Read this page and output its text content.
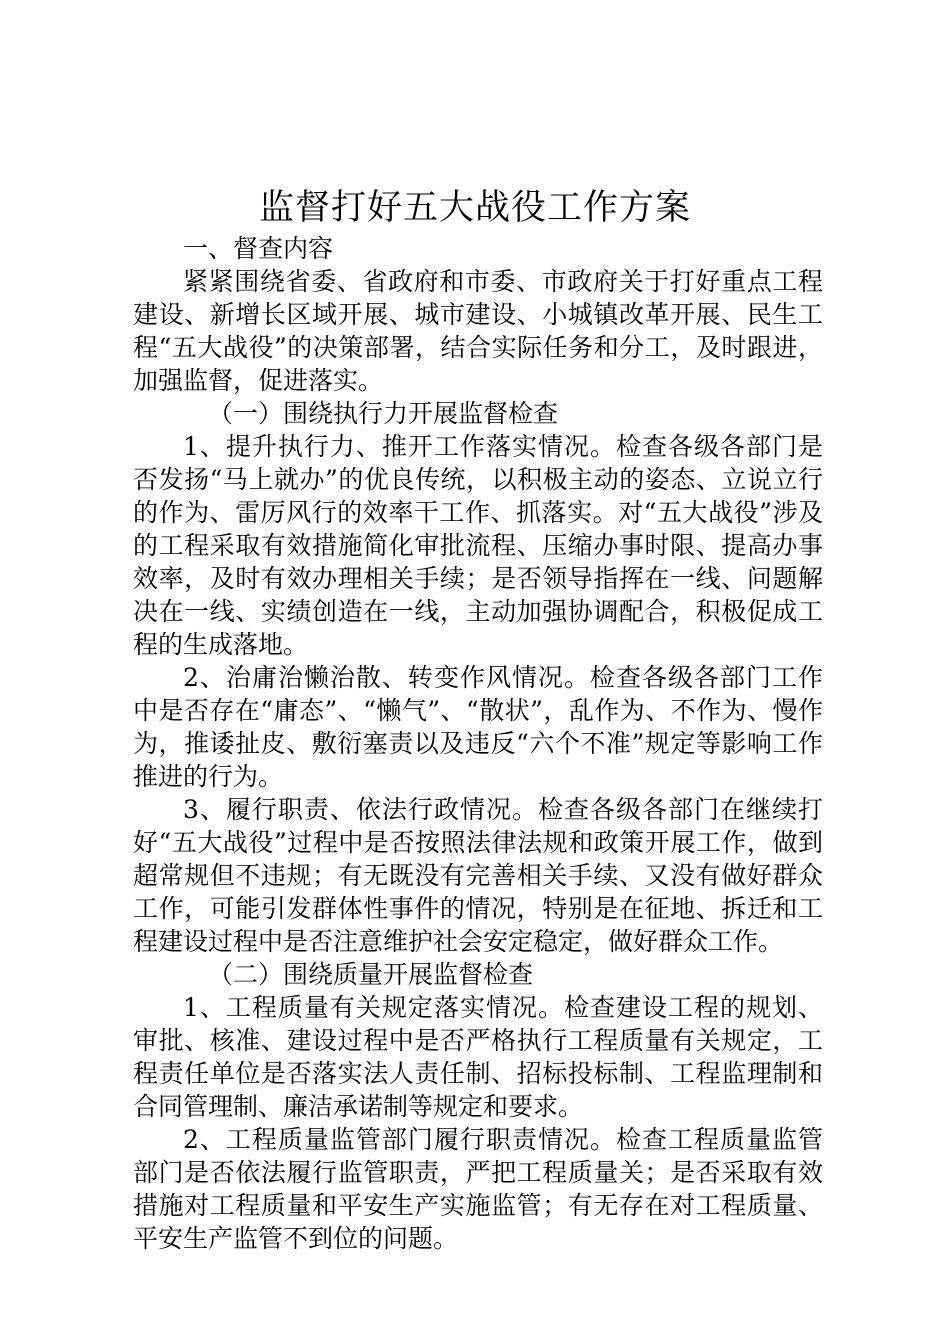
监督打好五大战役工作方案

一、督查内容

紧紧围绕省委、省政府和市委、市政府关于打好重点工程建设、新增长区域开展、城市建设、小城镇改革开展、民生工程“五大战役”的决策部署，结合实际任务和分工，及时跟进，加强监督，促进落实。

（一）围绕执行力开展监督检查

1、提升执行力、推开工作落实情况。检查各级各部门是否发扬“马上就办”的优良传统，以积极主动的姿态、立说立行的作为、雷厉风行的效率干工作、抓落实。对“五大战役”涉及的工程采取有效措施简化审批流程、压缩办事时限、提高办事效率，及时有效办理相关手续；是否领导指挥在一线、问题解决在一线、实绩创造在一线，主动加强协调配合，积极促成工程的生成落地。

2、治庸治懒治散、转变作风情况。检查各级各部门工作中是否存在“庸态”、“懒气”、“散状”，乱作为、不作为、慢作为，推诿扯皮、敷衍塞责以及违反“六个不准”规定等影响工作推进的行为。

3、履行职责、依法行政情况。检查各级各部门在继续打好“五大战役”过程中是否按照法律法规和政策开展工作，做到超常规但不违规；有无既没有完善相关手续、又没有做好群众工作，可能引发群体性事件的情况，特别是在征地、拆迁和工程建设过程中是否注意维护社会安定稳定，做好群众工作。

（二）围绕质量开展监督检查

1、工程质量有关规定落实情况。检查建设工程的规划、审批、核准、建设过程中是否严格执行工程质量有关规定，工程责任单位是否落实法人责任制、招标投标制、工程监理制和合同管理制、廉洁承诺制等规定和要求。

2、工程质量监管部门履行职责情况。检查工程质量监管部门是否依法履行监管职责，严把工程质量关；是否采取有效措施对工程质量和平安生产实施监管；有无存在对工程质量、平安生产监管不到位的问题。
